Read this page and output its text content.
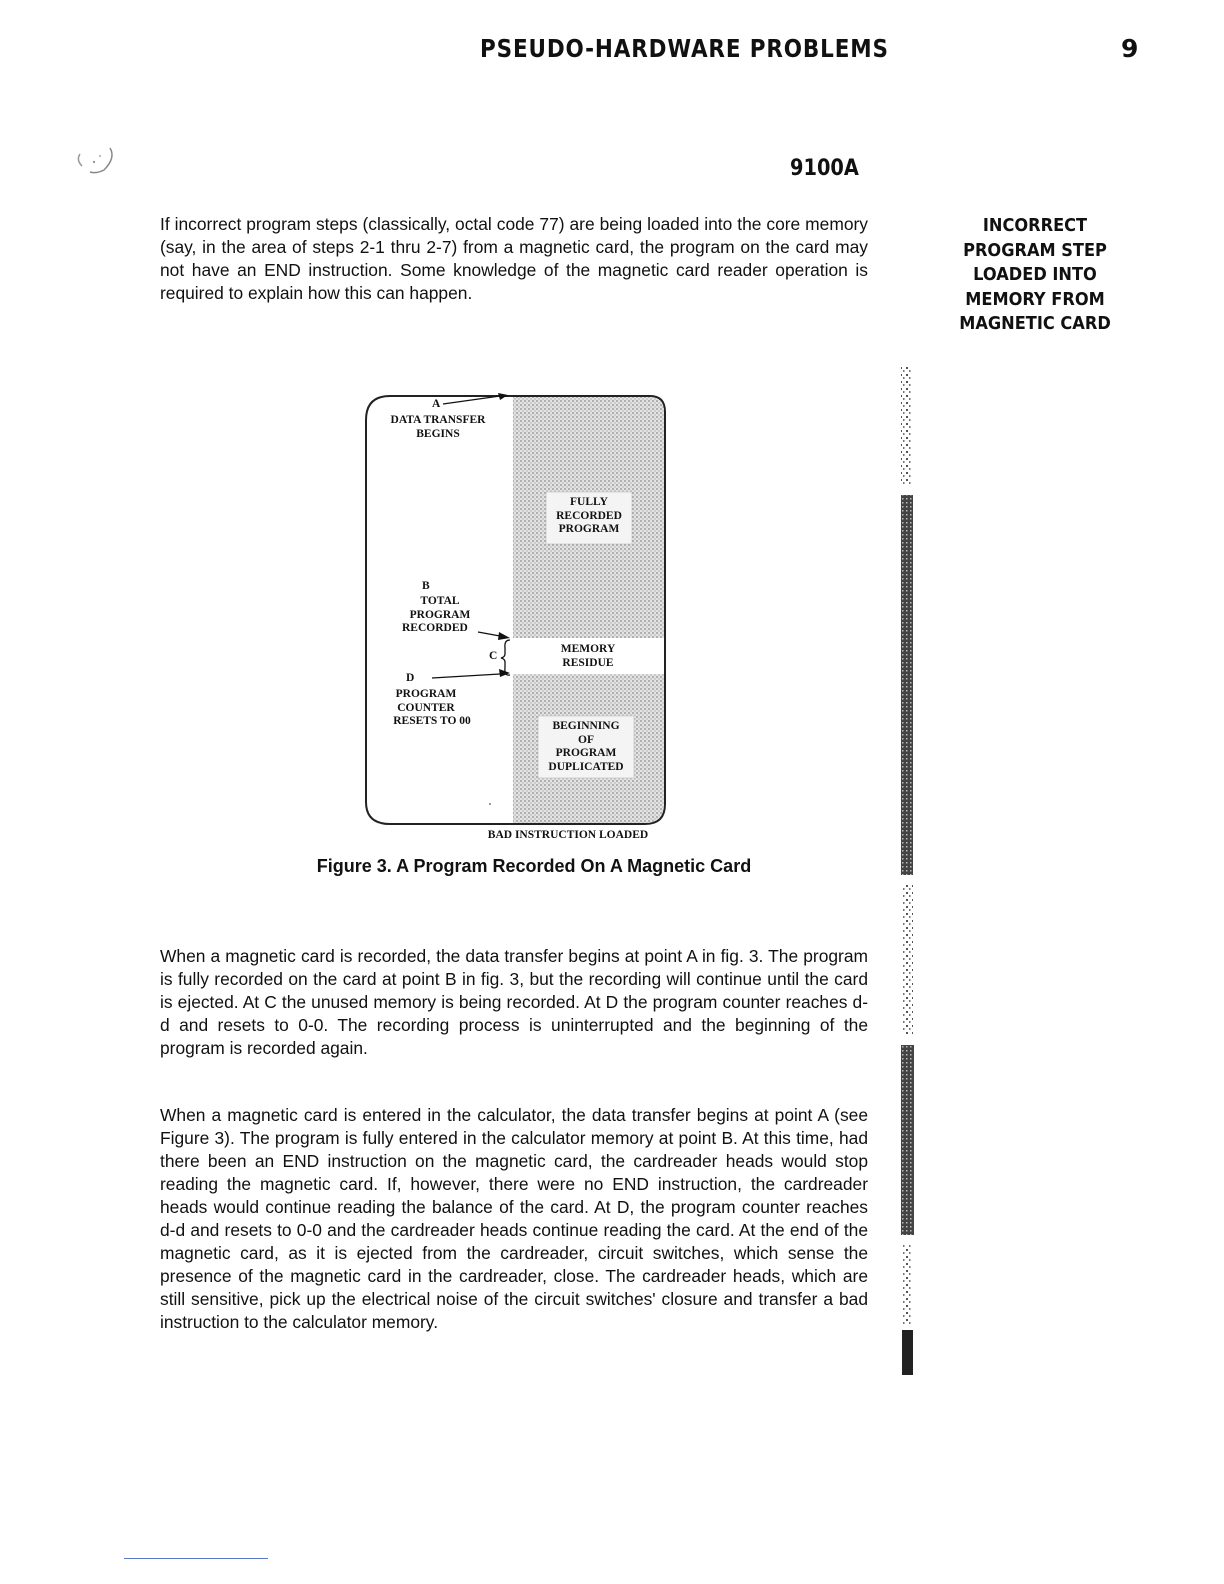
PSEUDO-HARDWARE PROBLEMS	9
9100A
INCORRECT
PROGRAM STEP
LOADED INTO
MEMORY FROM
MAGNETIC CARD

If incorrect program steps (classically, octal code 77) are being loaded into the core memory (say, in the area of steps 2-1 thru 2-7) from a magnetic card, the program on the card may not have an END instruction. Some knowledge of the magnetic card reader operation is required to explain how this can happen.

A
DATA TRANSFER
BEGINS
FULLY
RECORDED
PROGRAM
B
TOTAL
PROGRAM
RECORDED
C
MEMORY
RESIDUE
D
PROGRAM
COUNTER
RESETS TO 00	BEGINNING
OF
PROGRAM
DUPLICATED
BAD INSTRUCTION LOADED
Figure 3. A Program Recorded On A Magnetic Card

When a magnetic card is recorded, the data transfer begins at point A in fig. 3. The program is fully recorded on the card at point B in fig. 3, but the recording will continue until the card is ejected. At C the unused memory is being recorded. At D the program counter reaches d-d and resets to 0-0. The recording process is uninterrupted and the beginning of the program is recorded again.

When a magnetic card is entered in the calculator, the data transfer begins at point A (see Figure 3). The program is fully entered in the calculator memory at point B. At this time, had there been an END instruction on the magnetic card, the cardreader heads would stop reading the magnetic card. If, however, there were no END instruction, the cardreader heads would continue reading the balance of the card. At D, the program counter reaches d-d and resets to 0-0 and the cardreader heads continue reading the card. At the end of the magnetic card, as it is ejected from the cardreader, circuit switches, which sense the presence of the magnetic card in the cardreader, close. The cardreader heads, which are still sensitive, pick up the electrical noise of the circuit switches' closure and transfer a bad instruction to the calculator memory.
